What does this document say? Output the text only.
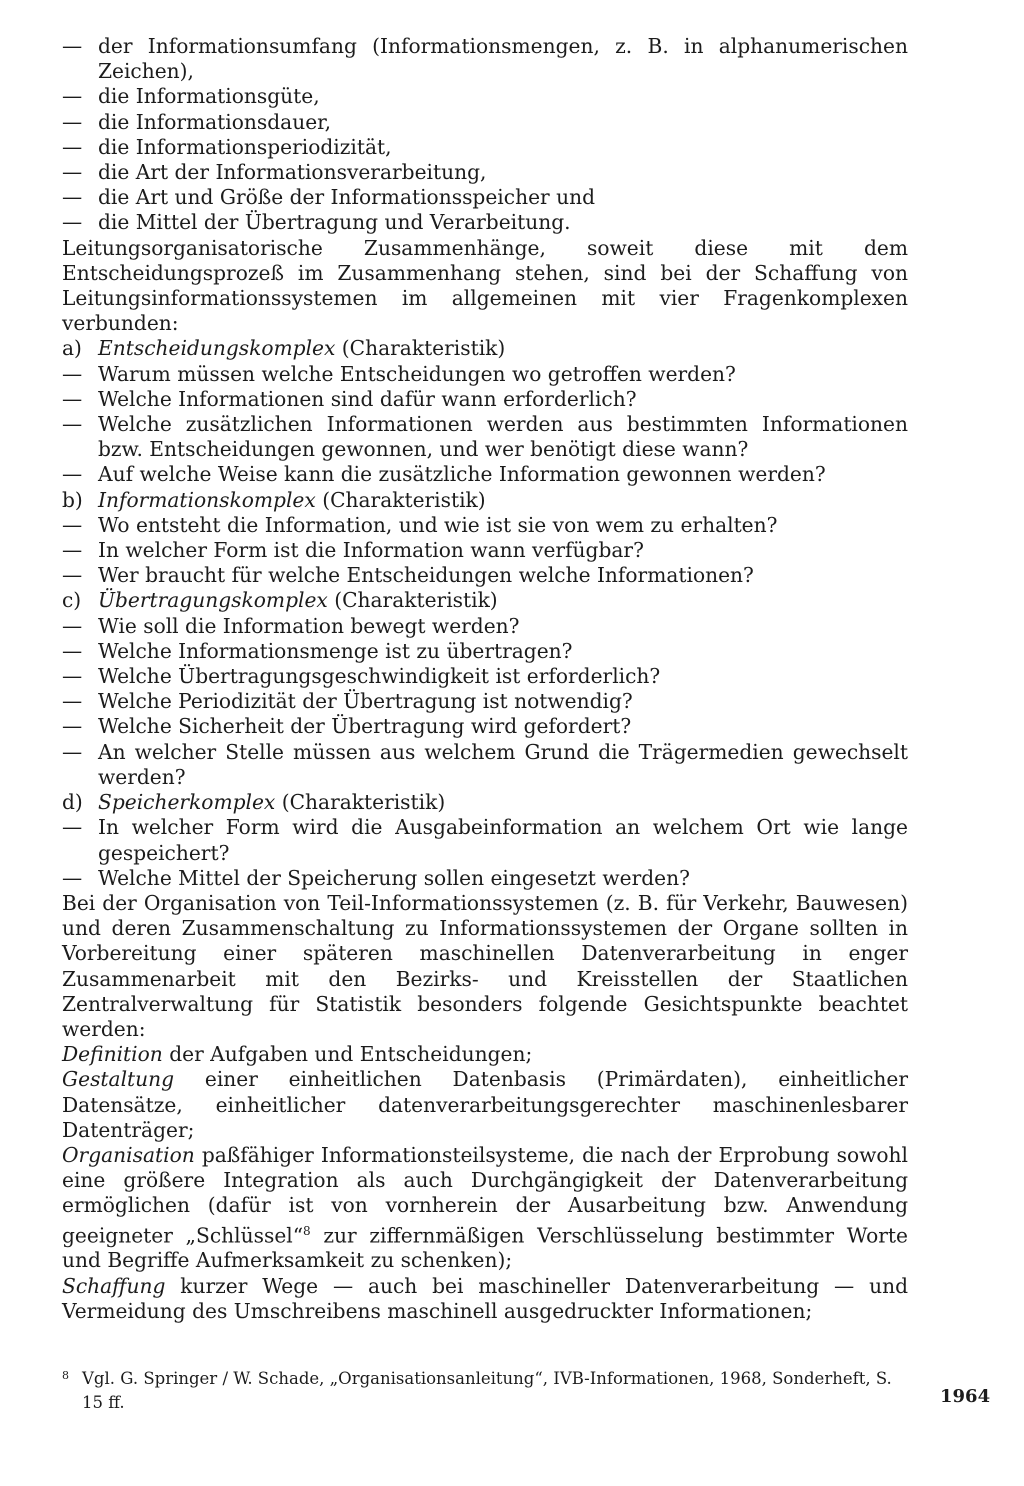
— der Informationsumfang (Informationsmengen, z. B. in alphanumerischen Zeichen),
— die Informationsgüte,
— die Informationsdauer,
— die Informationsperiodizität,
— die Art der Informationsverarbeitung,
— die Art und Größe der Informationsspeicher und
— die Mittel der Übertragung und Verarbeitung.

Leitungsorganisatorische Zusammenhänge, soweit diese mit dem Entscheidungsprozeß im Zusammenhang stehen, sind bei der Schaffung von Leitungsinformationssystemen im allgemeinen mit vier Fragenkomplexen verbunden:

a) Entscheidungskomplex (Charakteristik)
— Warum müssen welche Entscheidungen wo getroffen werden?
— Welche Informationen sind dafür wann erforderlich?
— Welche zusätzlichen Informationen werden aus bestimmten Informationen bzw. Entscheidungen gewonnen, und wer benötigt diese wann?
— Auf welche Weise kann die zusätzliche Information gewonnen werden?
b) Informationskomplex (Charakteristik)
— Wo entsteht die Information, und wie ist sie von wem zu erhalten?
— In welcher Form ist die Information wann verfügbar?
— Wer braucht für welche Entscheidungen welche Informationen?
c) Übertragungskomplex (Charakteristik)
— Wie soll die Information bewegt werden?
— Welche Informationsmenge ist zu übertragen?
— Welche Übertragungsgeschwindigkeit ist erforderlich?
— Welche Periodizität der Übertragung ist notwendig?
— Welche Sicherheit der Übertragung wird gefordert?
— An welcher Stelle müssen aus welchem Grund die Trägermedien gewechselt werden?
d) Speicherkomplex (Charakteristik)
— In welcher Form wird die Ausgabeinformation an welchem Ort wie lange gespeichert?
— Welche Mittel der Speicherung sollen eingesetzt werden?

Bei der Organisation von Teil-Informationssystemen (z. B. für Verkehr, Bauwesen) und deren Zusammenschaltung zu Informationssystemen der Organe sollten in Vorbereitung einer späteren maschinellen Datenverarbeitung in enger Zusammenarbeit mit den Bezirks- und Kreisstellen der Staatlichen Zentralverwaltung für Statistik besonders folgende Gesichtspunkte beachtet werden:

Definition der Aufgaben und Entscheidungen;

Gestaltung einer einheitlichen Datenbasis (Primärdaten), einheitlicher Datensätze, einheitlicher datenverarbeitungsgerechter maschinenlesbarer Datenträger;

Organisation paßfähiger Informationsteilsysteme, die nach der Erprobung sowohl eine größere Integration als auch Durchgängigkeit der Datenverarbeitung ermöglichen (dafür ist von vornherein der Ausarbeitung bzw. Anwendung geeigneter „Schlüssel“$^8$ zur ziffernmäßigen Verschlüsselung bestimmter Worte und Begriffe Aufmerksamkeit zu schenken);

Schaffung kurzer Wege — auch bei maschineller Datenverarbeitung — und Vermeidung des Umschreibens maschinell ausgedruckter Informationen;

$^8$ Vgl. G. Springer / W. Schade, „Organisationsanleitung“, IVB-Informationen, 1968, Sonderheft, S. 15 ff.	1964
